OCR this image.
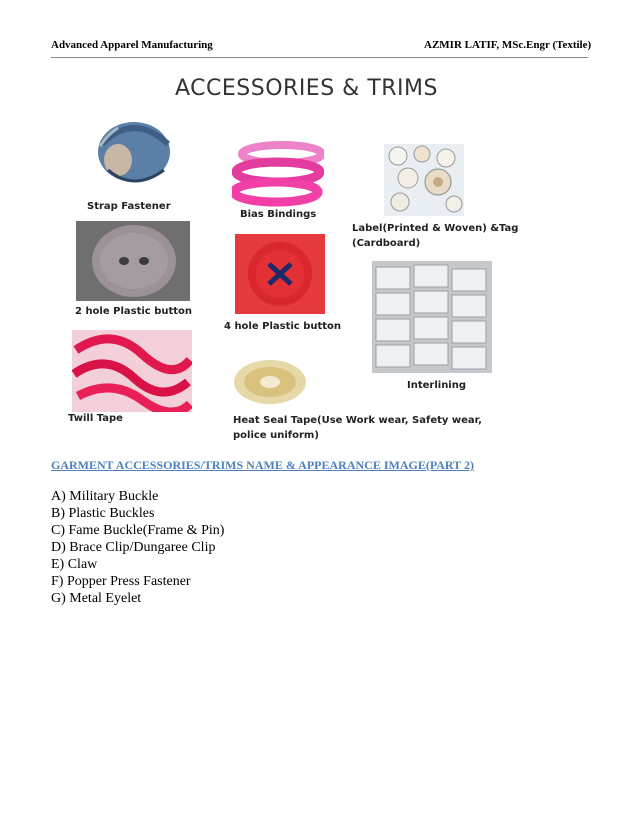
Advanced Apparel Manufacturing	AZMIR LATIF, MSc.Engr (Textile)
ACCESSORIES & TRIMS
Strap Fastener
Bias Bindings
Label(Printed & Woven) &Tag
(Cardboard)
2 hole Plastic button
4 hole Plastic button
Interlining
Twill Tape	Heat Seal Tape(Use Work wear, Safety wear,
police uniform)
GARMENT ACCESSORIES/TRIMS NAME & APPEARANCE IMAGE(PART 2)
A) Military Buckle
B) Plastic Buckles
C) Fame Buckle(Frame & Pin)
D) Brace Clip/Dungaree Clip
E) Claw
F) Popper Press Fastener
G) Metal Eyelet
